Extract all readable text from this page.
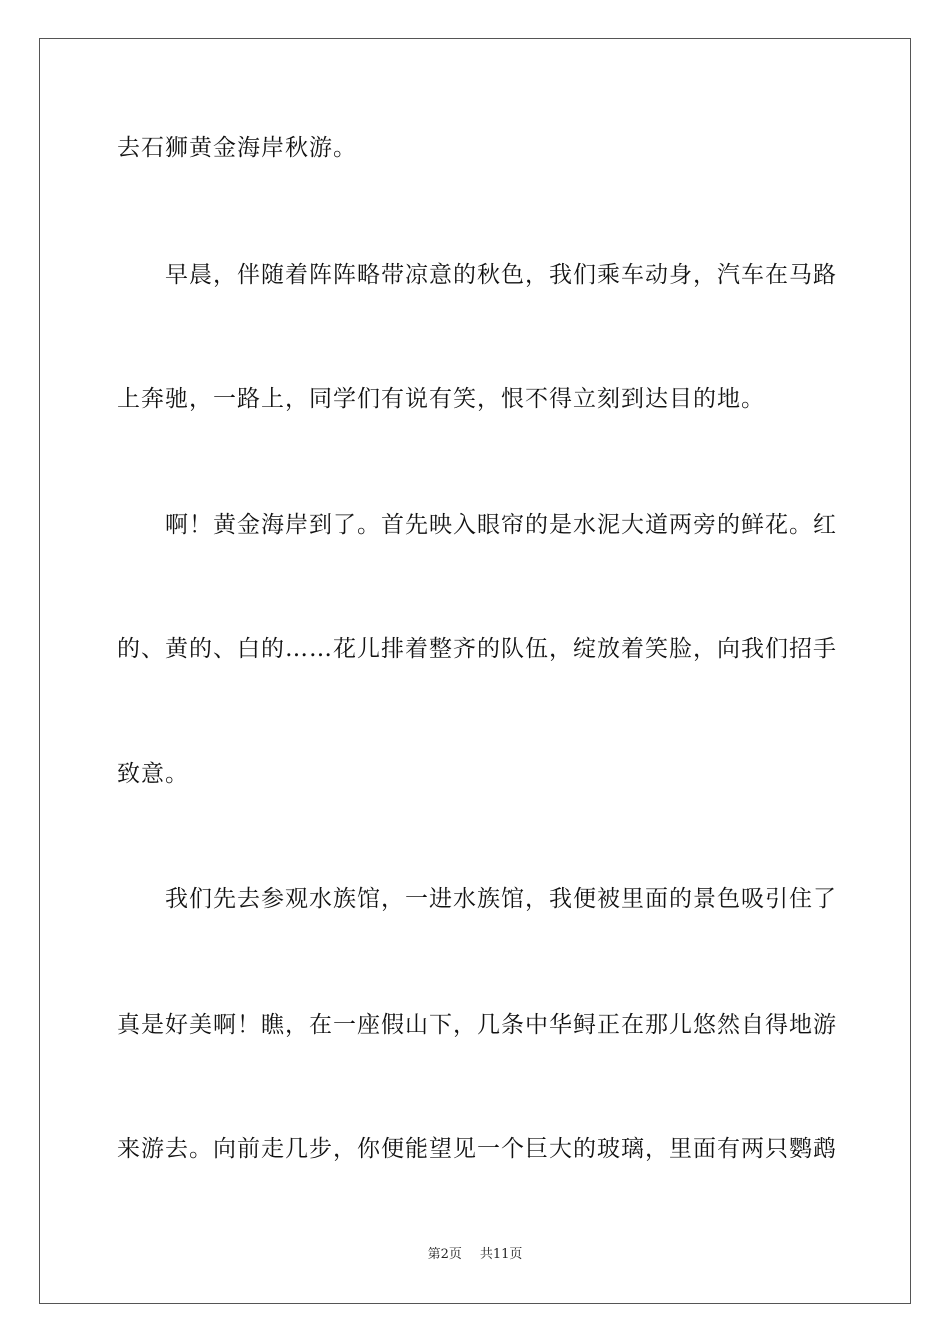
去石狮黄金海岸秋游。
早晨，伴随着阵阵略带凉意的秋色，我们乘车动身，汽车在马路
上奔驰，一路上，同学们有说有笑，恨不得立刻到达目的地。
啊！黄金海岸到了。首先映入眼帘的是水泥大道两旁的鲜花。红
的、黄的、白的……花儿排着整齐的队伍，绽放着笑脸，向我们招手
致意。
我们先去参观水族馆，一进水族馆，我便被里面的景色吸引住了
真是好美啊！瞧，在一座假山下，几条中华鲟正在那儿悠然自得地游
来游去。向前走几步，你便能望见一个巨大的玻璃，里面有两只鹦鹉
第2页 共11页
